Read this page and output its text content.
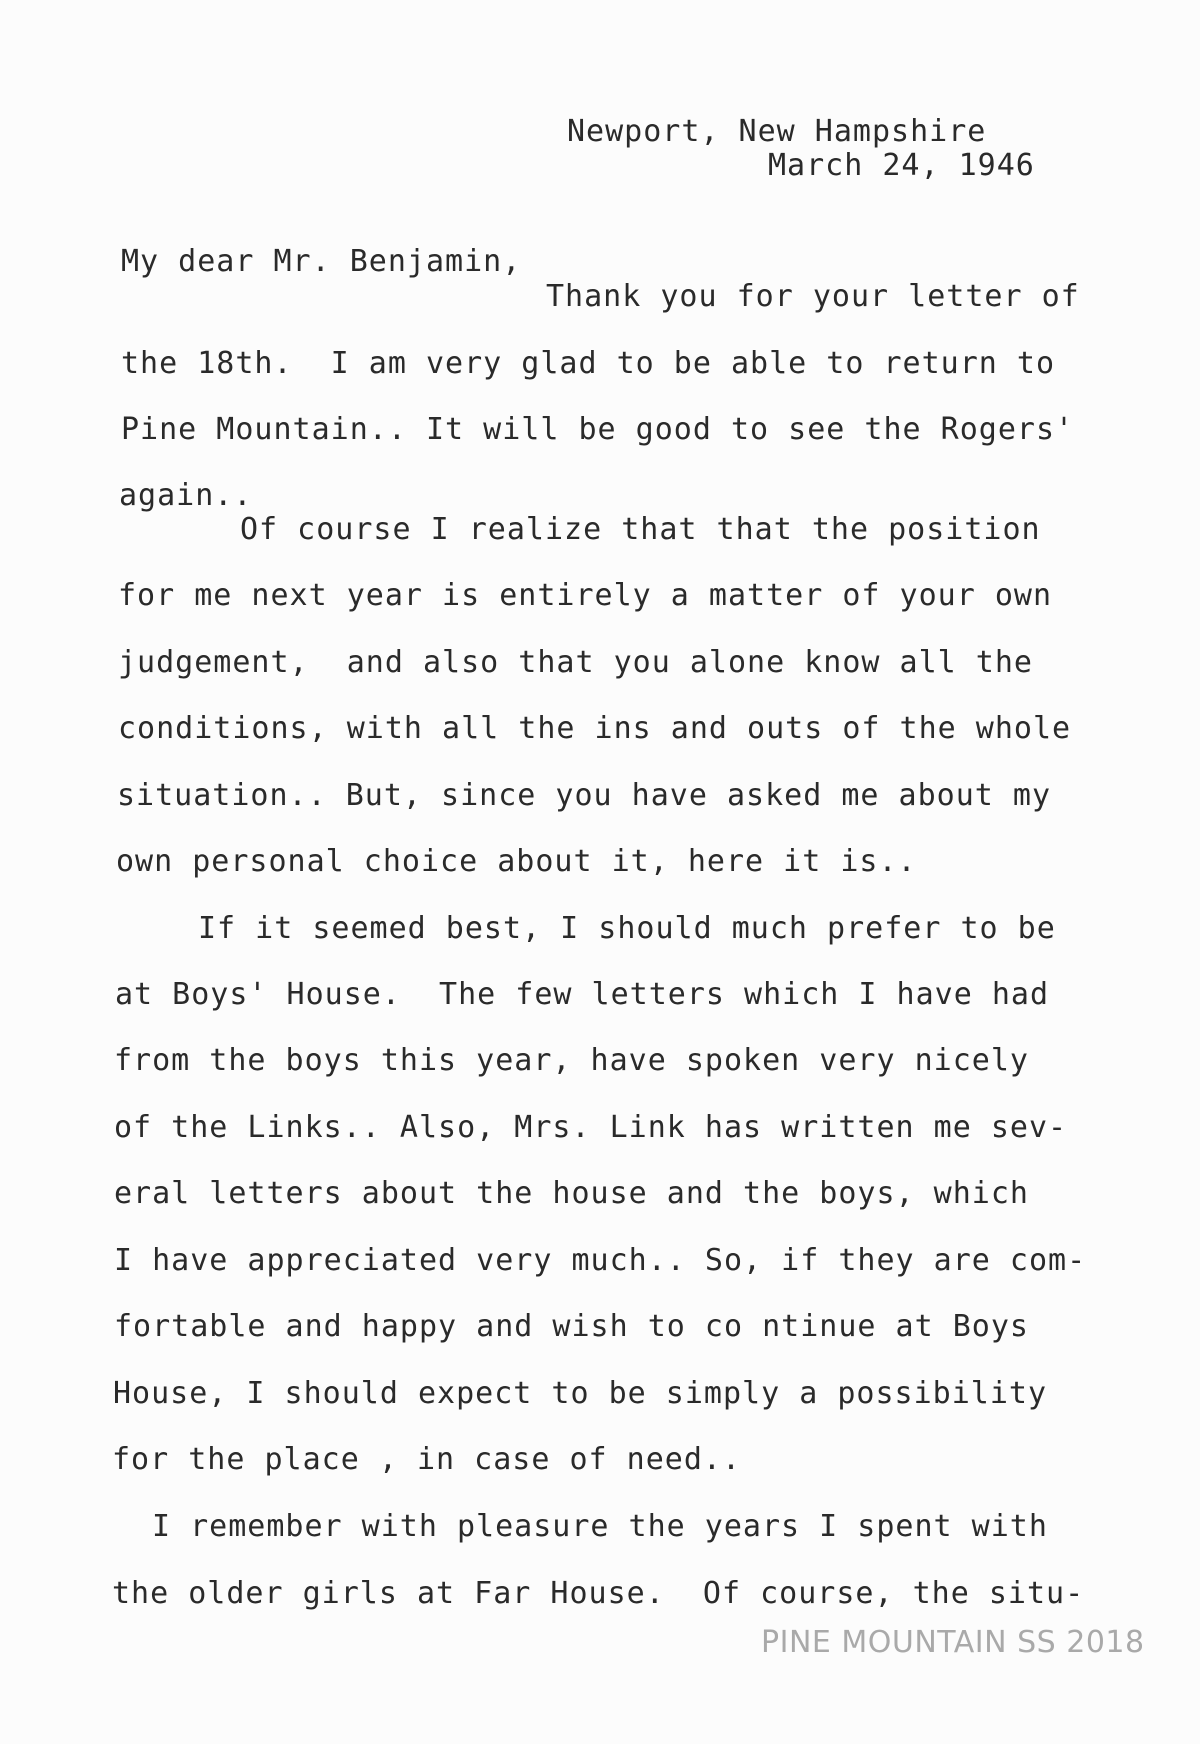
Newport, New Hampshire
March 24, 1946
My dear Mr. Benjamin,
Thank you for your letter of
the 18th.  I am very glad to be able to return to
Pine Mountain.. It will be good to see the Rogers'
again..
Of course I realize that that the position
for me next year is entirely a matter of your own
judgement,  and also that you alone know all the
conditions, with all the ins and outs of the whole
situation.. But, since you have asked me about my
own personal choice about it, here it is..
If it seemed best, I should much prefer to be
at Boys' House.  The few letters which I have had
from the boys this year, have spoken very nicely
of the Links.. Also, Mrs. Link has written me sev-
eral letters about the house and the boys, which
I have appreciated very much.. So, if they are com-
fortable and happy and wish to co ntinue at Boys
House, I should expect to be simply a possibility
for the place , in case of need..
I remember with pleasure the years I spent with
the older girls at Far House.  Of course, the situ-
PINE MOUNTAIN SS 2018
